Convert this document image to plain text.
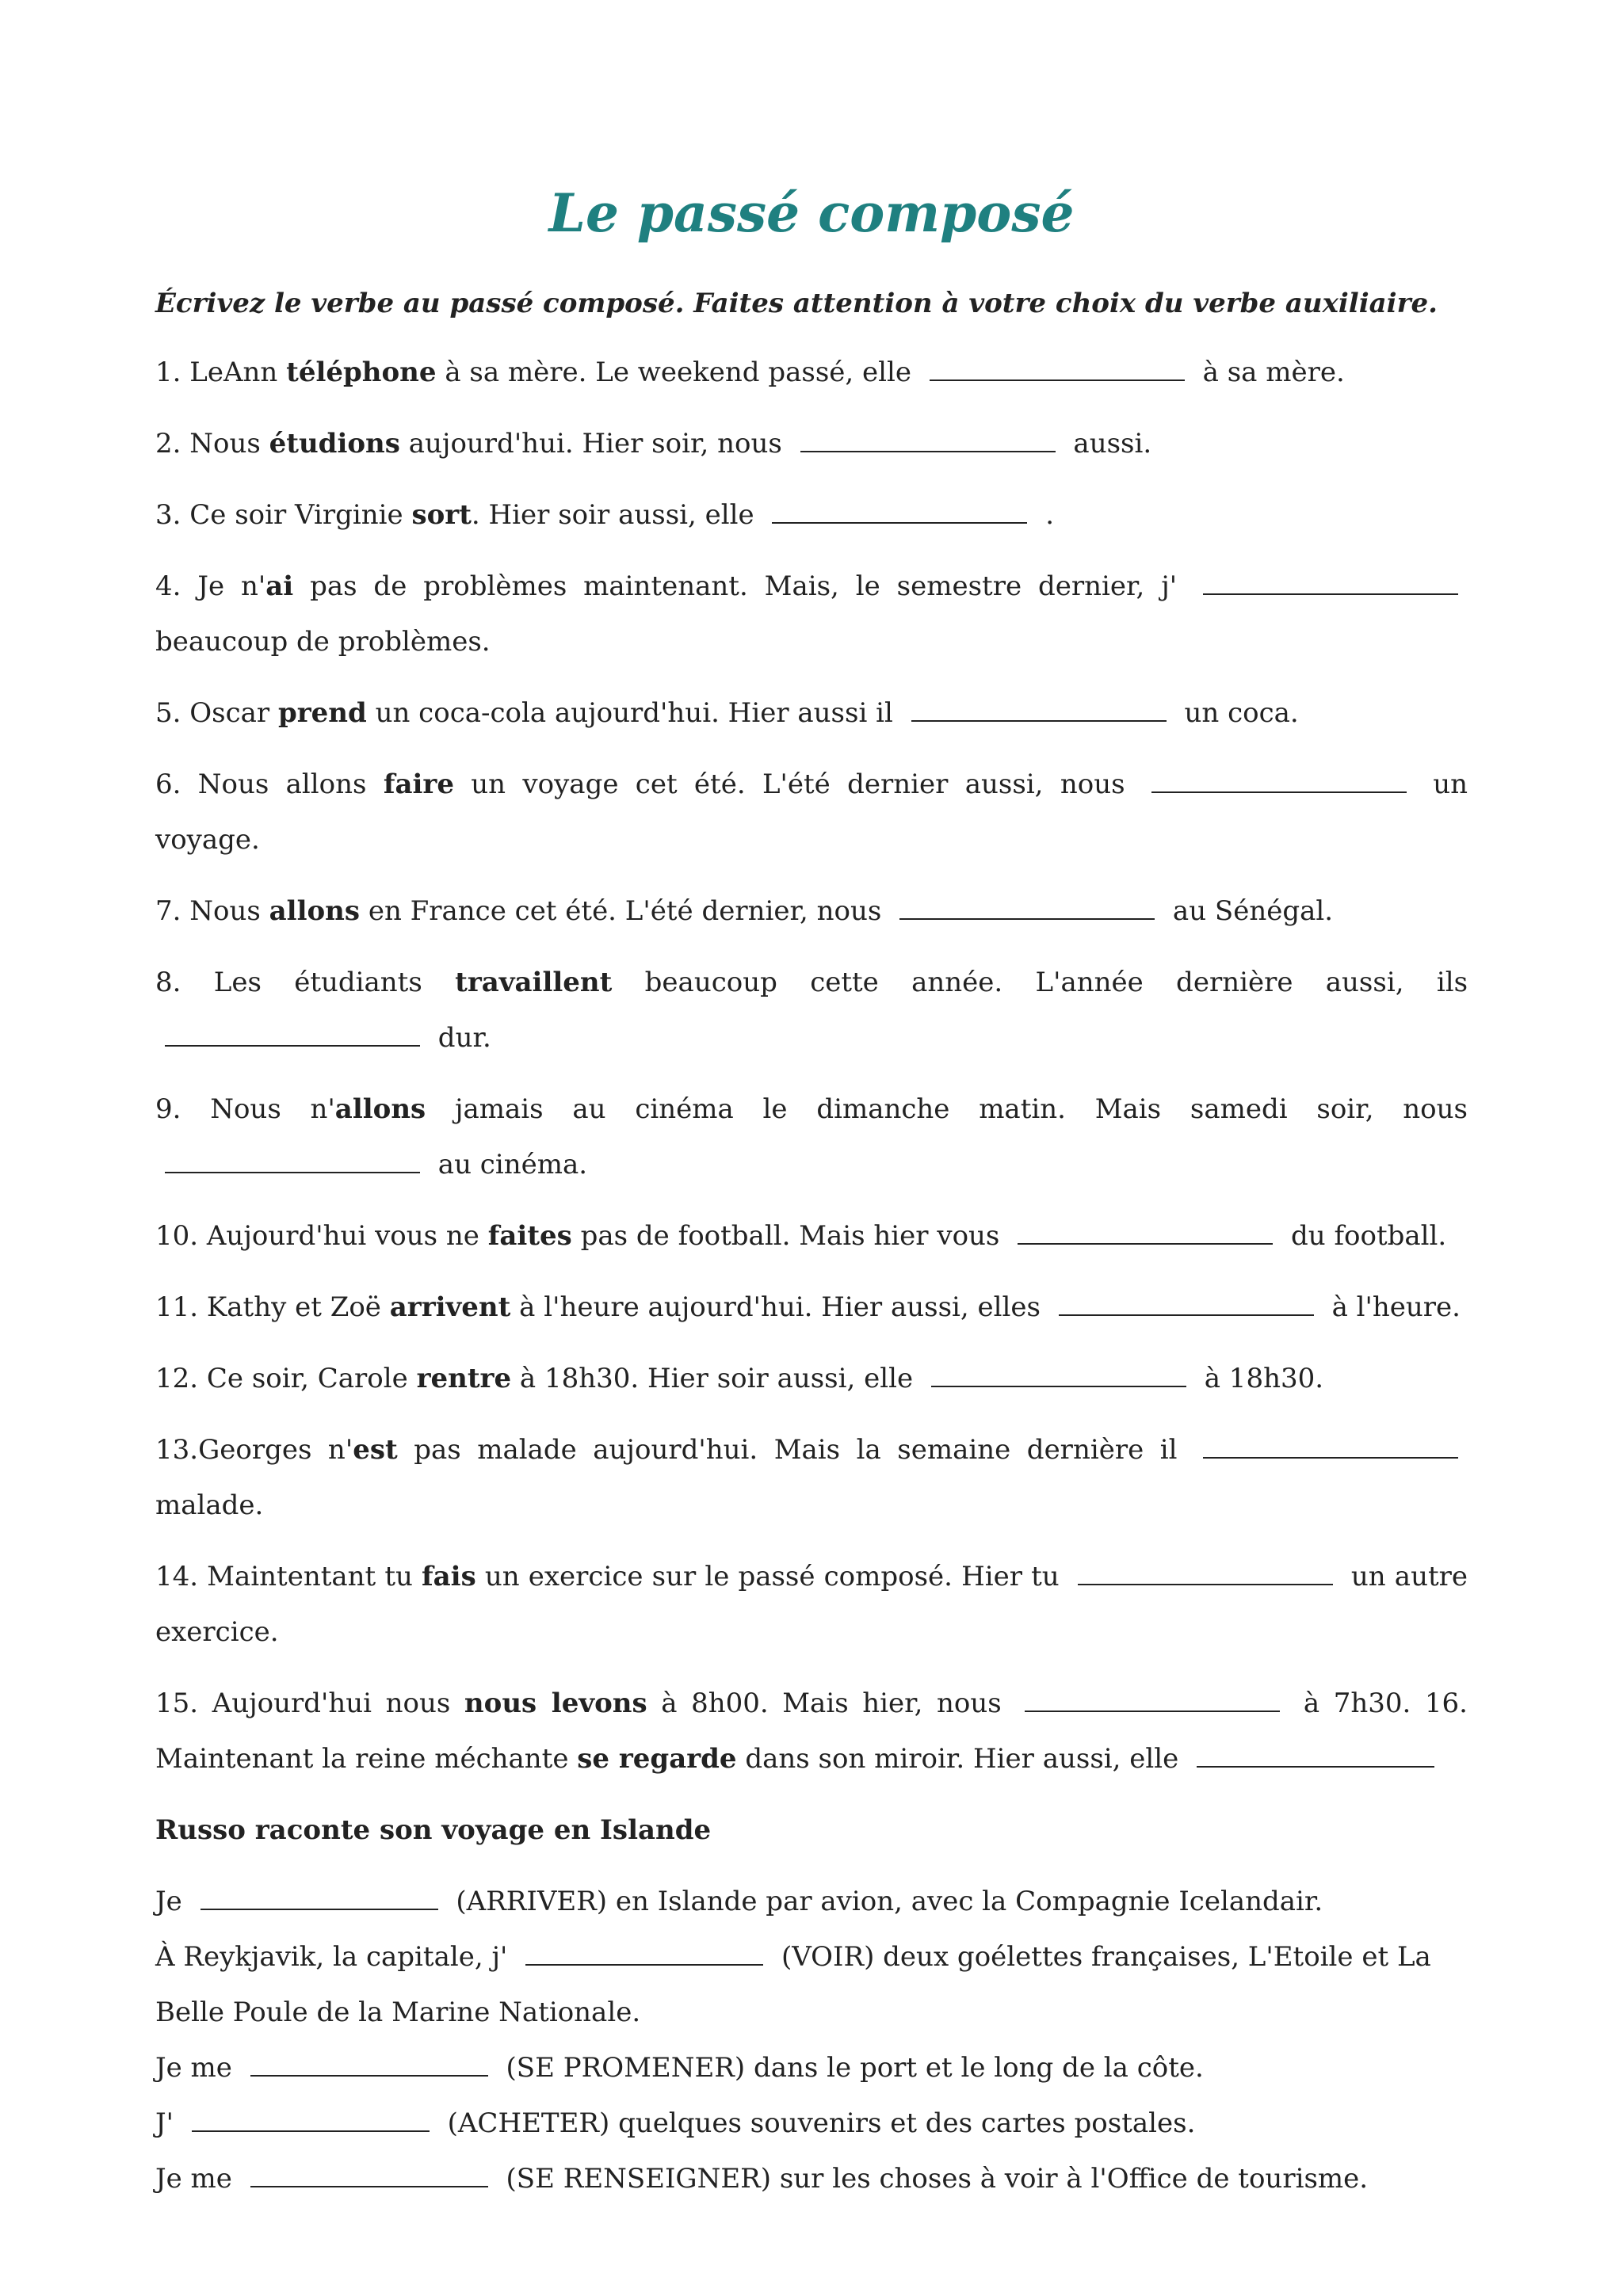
Le passé composé

Écrivez le verbe au passé composé. Faites attention à votre choix du verbe auxiliaire.

1. LeAnn téléphone à sa mère. Le weekend passé, elle	à sa mère.

2. Nous étudions aujourd'hui. Hier soir, nous	aussi.

3. Ce soir Virginie sort. Hier soir aussi, elle	.

4. Je n'ai pas de problèmes maintenant. Mais, le semestre dernier, j'  beaucoup de problèmes.

5. Oscar prend un coca-cola aujourd'hui. Hier aussi il	un coca.

6. Nous allons faire un voyage cet été. L'été dernier aussi, nous	un voyage.

7. Nous allons en France cet été. L'été dernier, nous	au Sénégal.

8. Les étudiants travaillent beaucoup cette année. L'année dernière aussi, ils  dur.

9. Nous n'allons jamais au cinéma le dimanche matin. Mais samedi soir, nous  au cinéma.

10. Aujourd'hui vous ne faites pas de football. Mais hier vous	du football.

11. Kathy et Zoë arrivent à l'heure aujourd'hui. Hier aussi, elles	à l'heure.

12. Ce soir, Carole rentre à 18h30. Hier soir aussi, elle	à 18h30.

13.Georges n'est pas malade aujourd'hui. Mais la semaine dernière il  malade.

14. Maintentant tu fais un exercice sur le passé composé. Hier tu	un autre exercice.

15. Aujourd'hui nous nous levons à 8h00. Mais hier, nous	à 7h30. 16. Maintenant la reine méchante se regarde dans son miroir. Hier aussi, elle

Russo raconte son voyage en Islande

Je	(ARRIVER) en Islande par avion, avec la Compagnie Icelandair.

À Reykjavik, la capitale, j'	(VOIR) deux goélettes françaises, L'Etoile et La Belle Poule de la Marine Nationale.

Je me	(SE PROMENER) dans le port et le long de la côte.

J'	(ACHETER) quelques souvenirs et des cartes postales.

Je me	(SE RENSEIGNER) sur les choses à voir à l'Office de tourisme.
